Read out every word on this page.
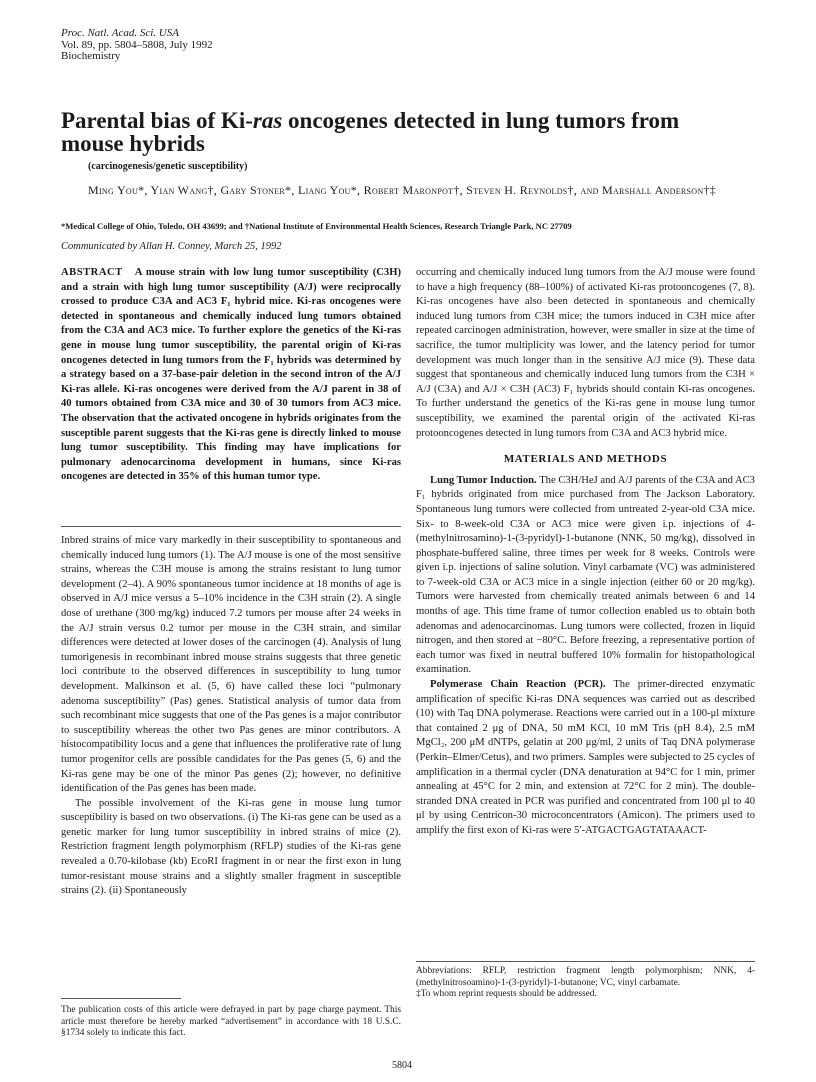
Proc. Natl. Acad. Sci. USA
Vol. 89, pp. 5804–5808, July 1992
Biochemistry
Parental bias of Ki-ras oncogenes detected in lung tumors from
mouse hybrids
(carcinogenesis/genetic susceptibility)
Ming You*, Yian Wang†, Gary Stoner*, Liang You*, Robert Maronpot†, Steven H. Reynolds†, and Marshall Anderson†‡
*Medical College of Ohio, Toledo, OH 43699; and †National Institute of Environmental Health Sciences, Research Triangle Park, NC 27709
Communicated by Allan H. Conney, March 25, 1992

ABSTRACT A mouse strain with low lung tumor susceptibility (C3H) and a strain with high lung tumor susceptibility (A/J) were reciprocally crossed to produce C3A and AC3 F₁ hybrid mice. Ki-ras oncogenes were detected in spontaneous and chemically induced lung tumors obtained from the C3A and AC3 mice. To further explore the genetics of the Ki-ras gene in mouse lung tumor susceptibility, the parental origin of Ki-ras oncogenes detected in lung tumors from the F₁ hybrids was determined by a strategy based on a 37-base-pair deletion in the second intron of the A/J Ki-ras allele. Ki-ras oncogenes were derived from the A/J parent in 38 of 40 tumors obtained from C3A mice and 30 of 30 tumors from AC3 mice. The observation that the activated oncogene in hybrids originates from the susceptible parent suggests that the Ki-ras gene is directly linked to mouse lung tumor susceptibility. This finding may have implications for pulmonary adenocarcinoma development in humans, since Ki-ras oncogenes are detected in 35% of this human tumor type.

Inbred strains of mice vary markedly in their susceptibility to spontaneous and chemically induced lung tumors (1). The A/J mouse is one of the most sensitive strains, whereas the C3H mouse is among the strains resistant to lung tumor development (2–4). A 90% spontaneous tumor incidence at 18 months of age is observed in A/J mice versus a 5–10% incidence in the C3H strain (2). A single dose of urethane (300 mg/kg) induced 7.2 tumors per mouse after 24 weeks in the A/J strain versus 0.2 tumor per mouse in the C3H strain, and similar differences were detected at lower doses of the carcinogen (4). Analysis of lung tumorigenesis in recombinant inbred mouse strains suggests that three genetic loci contribute to the observed differences in susceptibility to lung tumor development. Malkinson et al. (5, 6) have called these loci “pulmonary adenoma susceptibility” (Pas) genes. Statistical analysis of tumor data from such recombinant mice suggests that one of the Pas genes is a major contributor to susceptibility whereas the other two Pas genes are minor contributors. A histocompatibility locus and a gene that influences the proliferative rate of lung tumor progenitor cells are possible candidates for the Pas genes (5, 6) and the Ki-ras gene may be one of the minor Pas genes (2); however, no definitive identification of the Pas genes has been made.

The possible involvement of the Ki-ras gene in mouse lung tumor susceptibility is based on two observations. (i) The Ki-ras gene can be used as a genetic marker for lung tumor susceptibility in inbred strains of mice (2). Restriction fragment length polymorphism (RFLP) studies of the Ki-ras gene revealed a 0.70-kilobase (kb) EcoRI fragment in or near the first exon in lung tumor-resistant mouse strains and a slightly smaller fragment in susceptible strains (2). (ii) Spontaneously

occurring and chemically induced lung tumors from the A/J mouse were found to have a high frequency (88–100%) of activated Ki-ras protooncogenes (7, 8). Ki-ras oncogenes have also been detected in spontaneous and chemically induced lung tumors from C3H mice; the tumors induced in C3H mice after repeated carcinogen administration, however, were smaller in size at the time of sacrifice, the tumor multiplicity was lower, and the latency period for tumor development was much longer than in the sensitive A/J mice (9). These data suggest that spontaneous and chemically induced lung tumors from the C3H × A/J (C3A) and A/J × C3H (AC3) F₁ hybrids should contain Ki-ras oncogenes. To further understand the genetics of the Ki-ras gene in mouse lung tumor susceptibility, we examined the parental origin of the activated Ki-ras protooncogenes detected in lung tumors from C3A and AC3 hybrid mice.

MATERIALS AND METHODS

Lung Tumor Induction. The C3H/HeJ and A/J parents of the C3A and AC3 F₁ hybrids originated from mice purchased from The Jackson Laboratory. Spontaneous lung tumors were collected from untreated 2-year-old C3A mice. Six- to 8-week-old C3A or AC3 mice were given i.p. injections of 4-(methylnitrosamino)-1-(3-pyridyl)-1-butanone (NNK, 50 mg/kg), dissolved in phosphate-buffered saline, three times per week for 8 weeks. Controls were given i.p. injections of saline solution. Vinyl carbamate (VC) was administered to 7-week-old C3A or AC3 mice in a single injection (either 60 or 20 mg/kg). Tumors were harvested from chemically treated animals between 6 and 14 months of age. This time frame of tumor collection enabled us to obtain both adenomas and adenocarcinomas. Lung tumors were collected, frozen in liquid nitrogen, and then stored at −80°C. Before freezing, a representative portion of each tumor was fixed in neutral buffered 10% formalin for histopathological examination.

Polymerase Chain Reaction (PCR). The primer-directed enzymatic amplification of specific Ki-ras DNA sequences was carried out as described (10) with Taq DNA polymerase. Reactions were carried out in a 100-μl mixture that contained 2 μg of DNA, 50 mM KCl, 10 mM Tris (pH 8.4), 2.5 mM MgCl₂, 200 μM dNTPs, gelatin at 200 μg/ml, 2 units of Taq DNA polymerase (Perkin–Elmer/Cetus), and two primers. Samples were subjected to 25 cycles of amplification in a thermal cycler (DNA denaturation at 94°C for 1 min, primer annealing at 45°C for 2 min, and extension at 72°C for 2 min). The double-stranded DNA created in PCR was purified and concentrated from 100 μl to 40 μl by using Centricon-30 microconcentrators (Amicon). The primers used to amplify the first exon of Ki-ras were 5′-ATGACTGAGTATAAACT-

The publication costs of this article were defrayed in part by page charge payment. This article must therefore be hereby marked “advertisement” in accordance with 18 U.S.C. §1734 solely to indicate this fact.

Abbreviations: RFLP, restriction fragment length polymorphism; NNK, 4-(methylnitrosoamino)-1-(3-pyridyl)-1-butanone; VC, vinyl carbamate.

‡To whom reprint requests should be addressed.

5804
